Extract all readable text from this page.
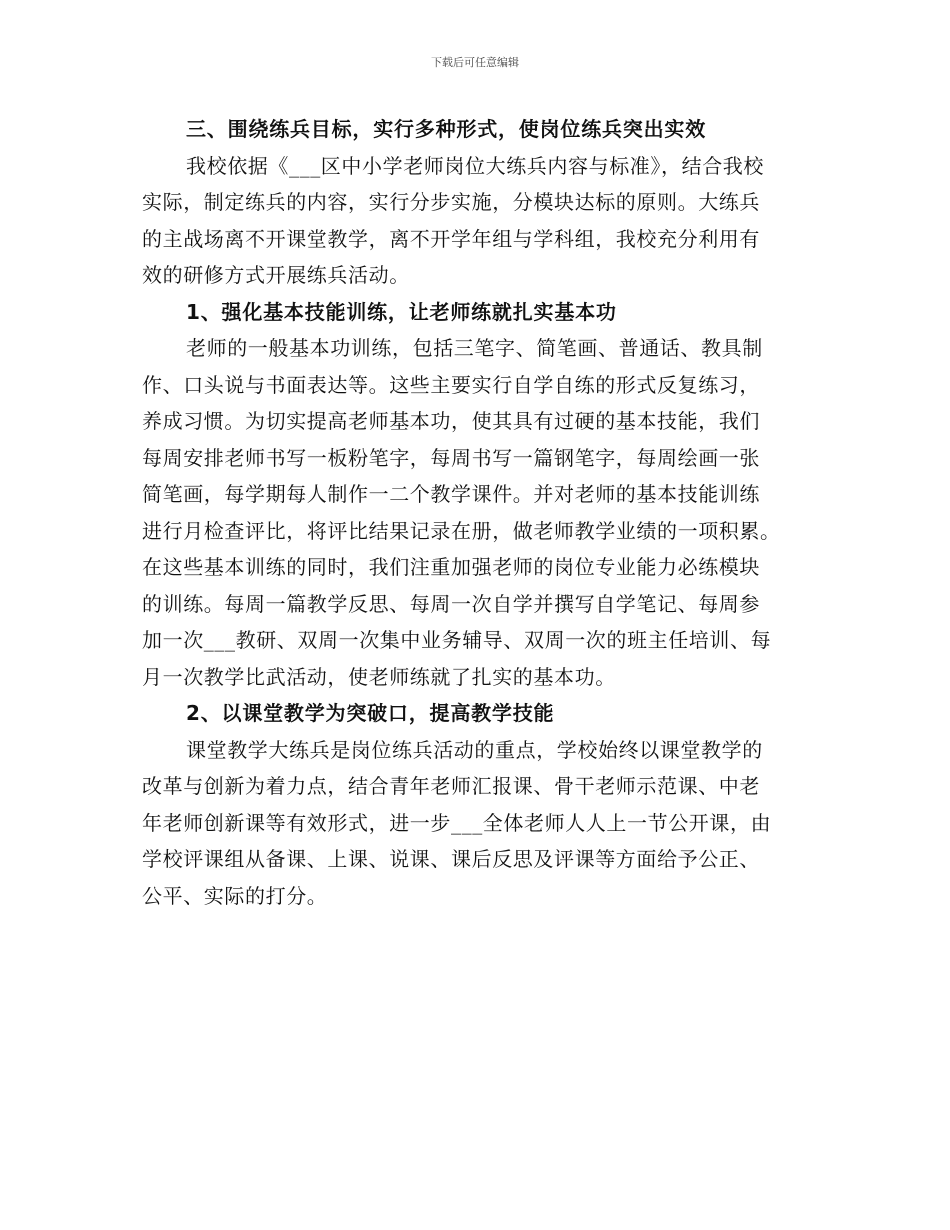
下载后可任意编辑
三、围绕练兵目标，实行多种形式，使岗位练兵突出实效
我校依据《___区中小学老师岗位大练兵内容与标准》，结合我校
实际，制定练兵的内容，实行分步实施，分模块达标的原则。大练兵
的主战场离不开课堂教学，离不开学年组与学科组，我校充分利用有
效的研修方式开展练兵活动。
1、强化基本技能训练，让老师练就扎实基本功
老师的一般基本功训练，包括三笔字、简笔画、普通话、教具制
作、口头说与书面表达等。这些主要实行自学自练的形式反复练习，
养成习惯。为切实提高老师基本功，使其具有过硬的基本技能，我们
每周安排老师书写一板粉笔字，每周书写一篇钢笔字，每周绘画一张
简笔画，每学期每人制作一二个教学课件。并对老师的基本技能训练
进行月检查评比，将评比结果记录在册，做老师教学业绩的一项积累。
在这些基本训练的同时，我们注重加强老师的岗位专业能力必练模块
的训练。每周一篇教学反思、每周一次自学并撰写自学笔记、每周参
加一次___教研、双周一次集中业务辅导、双周一次的班主任培训、每
月一次教学比武活动，使老师练就了扎实的基本功。
2、以课堂教学为突破口，提高教学技能
课堂教学大练兵是岗位练兵活动的重点，学校始终以课堂教学的
改革与创新为着力点，结合青年老师汇报课、骨干老师示范课、中老
年老师创新课等有效形式，进一步___全体老师人人上一节公开课，由
学校评课组从备课、上课、说课、课后反思及评课等方面给予公正、
公平、实际的打分。
